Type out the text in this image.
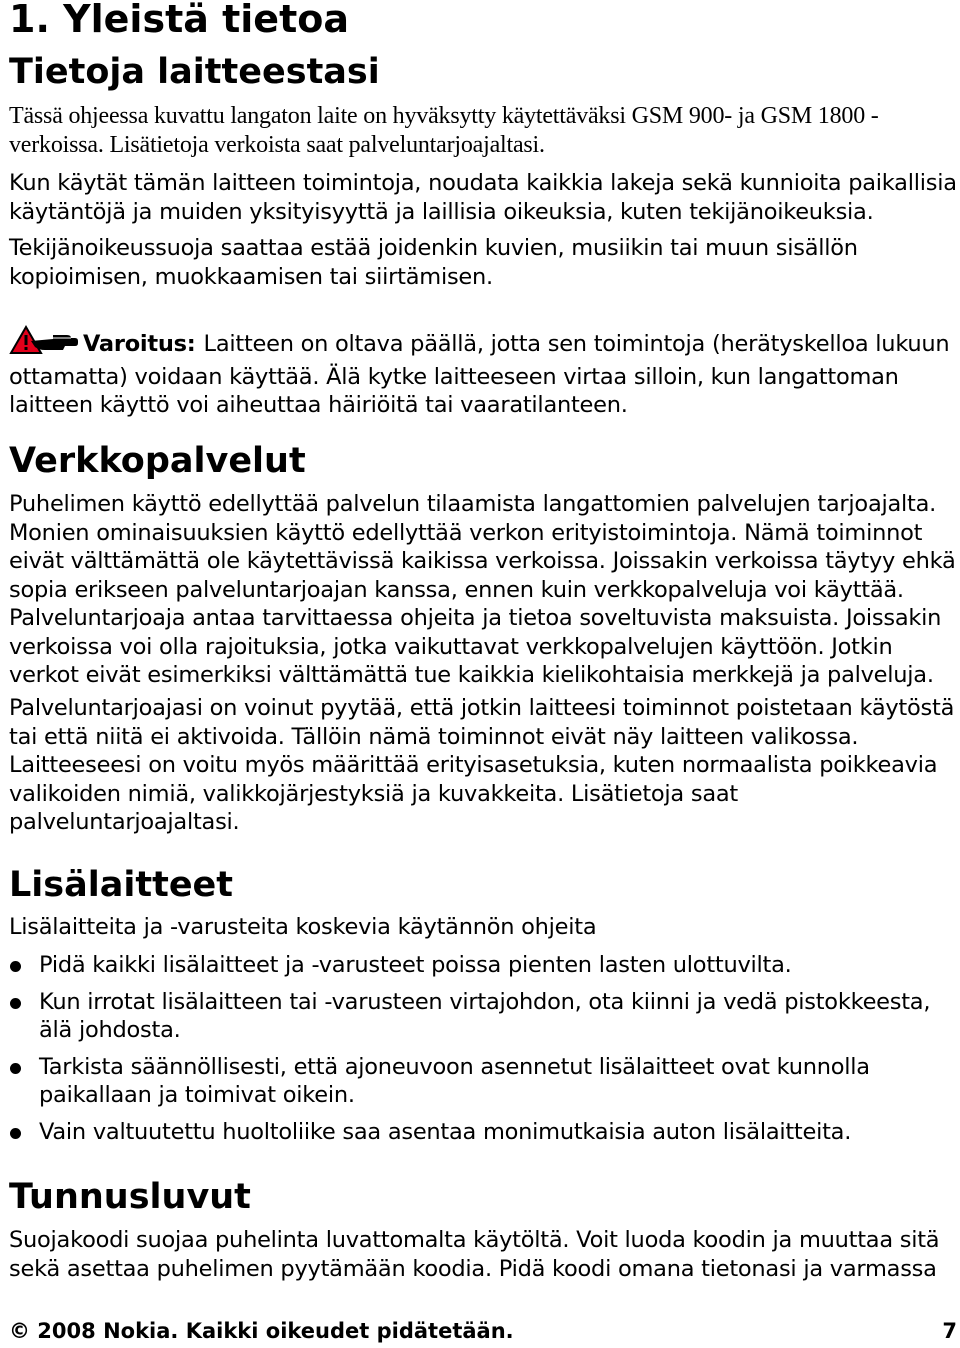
1. Yleistä tietoa
Tietoja laitteestasi

Tässä ohjeessa kuvattu langaton laite on hyväksytty käytettäväksi GSM 900- ja GSM 1800 -verkoissa. Lisätietoja verkoista saat palveluntarjoajaltasi.

Kun käytät tämän laitteen toimintoja, noudata kaikkia lakeja sekä kunnioita paikallisia käytäntöjä ja muiden yksityisyyttä ja laillisia oikeuksia, kuten tekijänoikeuksia.

Tekijänoikeussuoja saattaa estää joidenkin kuvien, musiikin tai muun sisällön kopioimisen, muokkaamisen tai siirtämisen.

Varoitus: Laitteen on oltava päällä, jotta sen toimintoja (herätyskelloa lukuun ottamatta) voidaan käyttää. Älä kytke laitteeseen virtaa silloin, kun langattoman laitteen käyttö voi aiheuttaa häiriöitä tai vaaratilanteen.

Verkkopalvelut

Puhelimen käyttö edellyttää palvelun tilaamista langattomien palvelujen tarjoajalta. Monien ominaisuuksien käyttö edellyttää verkon erityistoimintoja. Nämä toiminnot eivät välttämättä ole käytettävissä kaikissa verkoissa. Joissakin verkoissa täytyy ehkä sopia erikseen palveluntarjoajan kanssa, ennen kuin verkkopalveluja voi käyttää. Palveluntarjoaja antaa tarvittaessa ohjeita ja tietoa soveltuvista maksuista. Joissakin verkoissa voi olla rajoituksia, jotka vaikuttavat verkkopalvelujen käyttöön. Jotkin verkot eivät esimerkiksi välttämättä tue kaikkia kielikohtaisia merkkejä ja palveluja.

Palveluntarjoajasi on voinut pyytää, että jotkin laitteesi toiminnot poistetaan käytöstä tai että niitä ei aktivoida. Tällöin nämä toiminnot eivät näy laitteen valikossa. Laitteeseesi on voitu myös määrittää erityisasetuksia, kuten normaalista poikkeavia valikoiden nimiä, valikkojärjestyksiä ja kuvakkeita. Lisätietoja saat palveluntarjoajaltasi.

Lisälaitteet

Lisälaitteita ja -varusteita koskevia käytännön ohjeita

Pidä kaikki lisälaitteet ja -varusteet poissa pienten lasten ulottuvilta.
Kun irrotat lisälaitteen tai -varusteen virtajohdon, ota kiinni ja vedä pistokkeesta, älä johdosta.
Tarkista säännöllisesti, että ajoneuvoon asennetut lisälaitteet ovat kunnolla paikallaan ja toimivat oikein.
Vain valtuutettu huoltoliike saa asentaa monimutkaisia auton lisälaitteita.
Tunnusluvut

Suojakoodi suojaa puhelinta luvattomalta käytöltä. Voit luoda koodin ja muuttaa sitä sekä asettaa puhelimen pyytämään koodia. Pidä koodi omana tietonasi ja varmassa

© 2008 Nokia. Kaikki oikeudet pidätetään.	7
